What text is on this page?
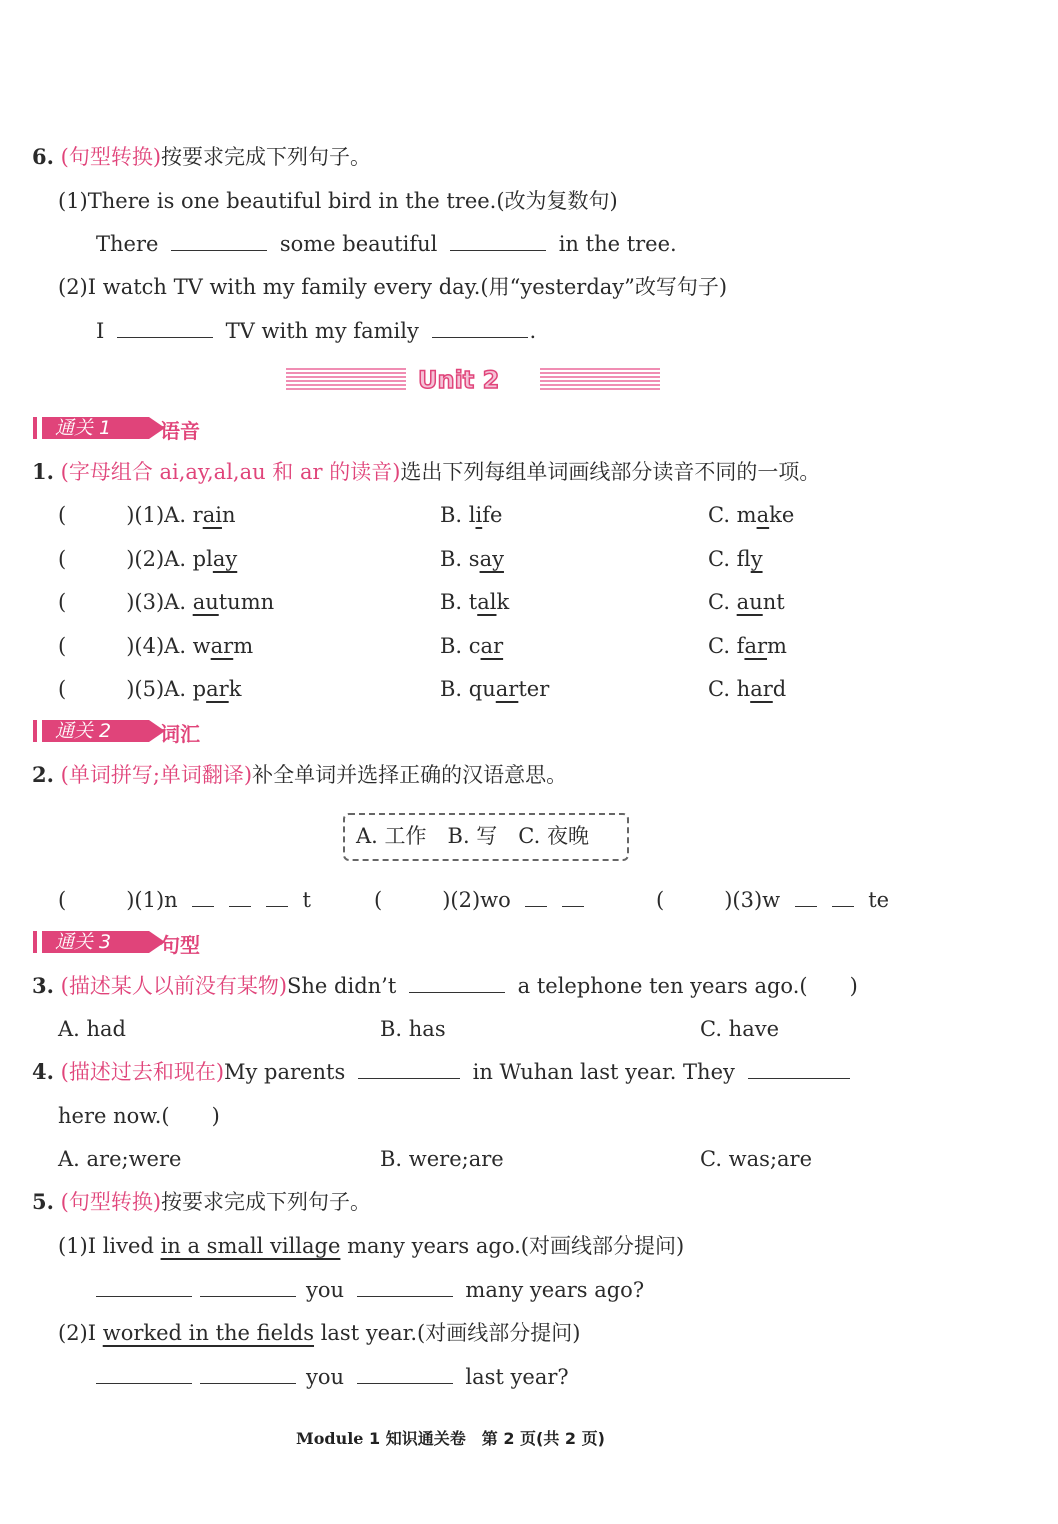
6. (句型转换)按要求完成下列句子。
(1)There is one beautiful bird in the tree.(改为复数句)
There	some beautiful	in the tree.
(2)I watch TV with my family every day.(用“yesterday”改写句子)
I	TV with my family	.
Unit 2
通关 1	语音
1. (字母组合 ai,ay,al,au 和 ar 的读音)选出下列每组单词画线部分读音不同的一项。
(	)(1)A. rain	B. life	C. make
(	)(2)A. play	B. say	C. fly
(	)(3)A. autumn	B. talk	C. aunt
(	)(4)A. warm	B. car	C. farm
(	)(5)A. park	B. quarter	C. hard
通关 2	词汇
2. (单词拼写;单词翻译)补全单词并选择正确的汉语意思。
A. 工作　B. 写　C. 夜晚
(	)(1)n	t	(	)(2)wo	(	)(3)w	te
通关 3	句型
3. (描述某人以前没有某物)She didn’t	a telephone ten years ago.(　　)
A. had	B. has	C. have
4. (描述过去和现在)My parents	in Wuhan last year. They
here now.(　　)
A. are;were	B. were;are	C. was;are
5. (句型转换)按要求完成下列句子。
(1)I lived in a small village many years ago.(对画线部分提问)
you	many years ago?
(2)I worked in the fields last year.(对画线部分提问)
you	last year?
Module 1 知识通关卷　第 2 页(共 2 页)
